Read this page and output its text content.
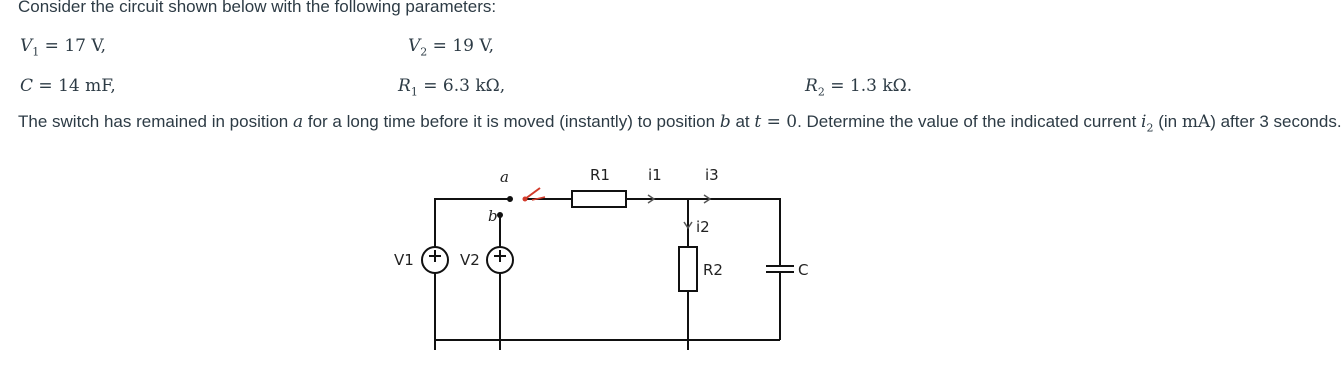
Consider the circuit shown below with the following parameters:
$V_1 = 17$ V,	$V_2 = 19$ V,
C = 14 mF,	$R_1 = 6.3$ kΩ,	$R_2 = 1.3$ kΩ.
The switch has remained in position a for a long time before it is moved (instantly) to position b at t = 0. Determine the value of the indicated current $i_2$ (in mA) after 3 seconds.
a
b
R1	i1	i3
i2
V1	V2
R2	C
